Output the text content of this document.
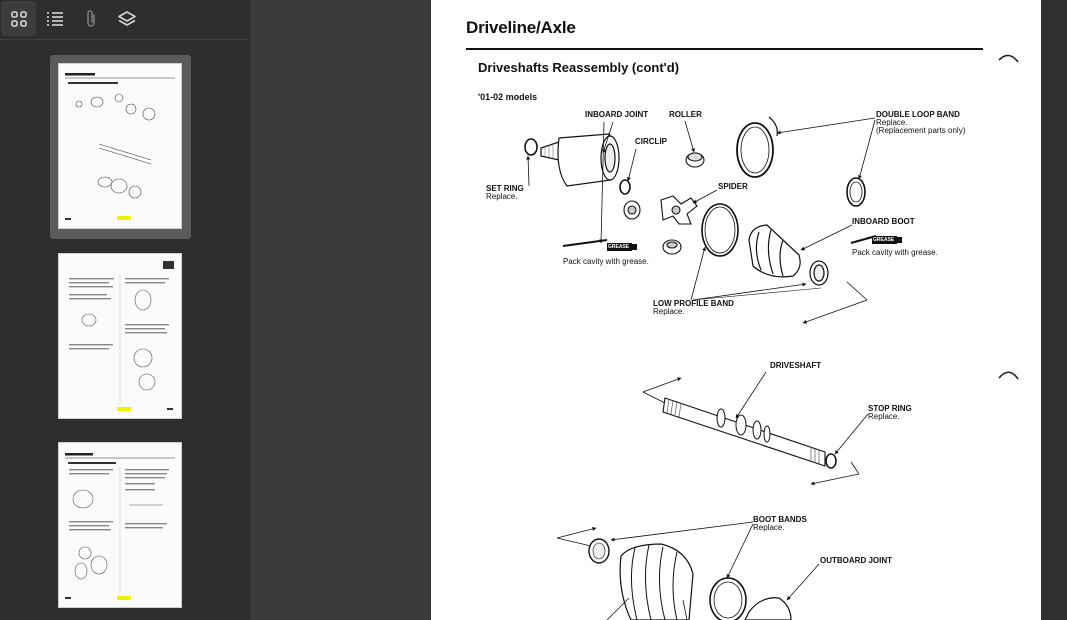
Driveline/Axle
Driveshafts Reassembly (cont'd)
'01-02 models
INBOARD JOINT	ROLLER	DOUBLE LOOP BAND
Replace.
(Replacement parts only)
CIRCLIP
SET RING
Replace.
SPIDER
INBOARD BOOT
GREASE
GREASE
Pack cavity with grease.
Pack cavity with grease.
LOW PROFILE BAND
Replace.
DRIVESHAFT
STOP RING
Replace.
BOOT BANDS
Replace.
OUTBOARD JOINT
